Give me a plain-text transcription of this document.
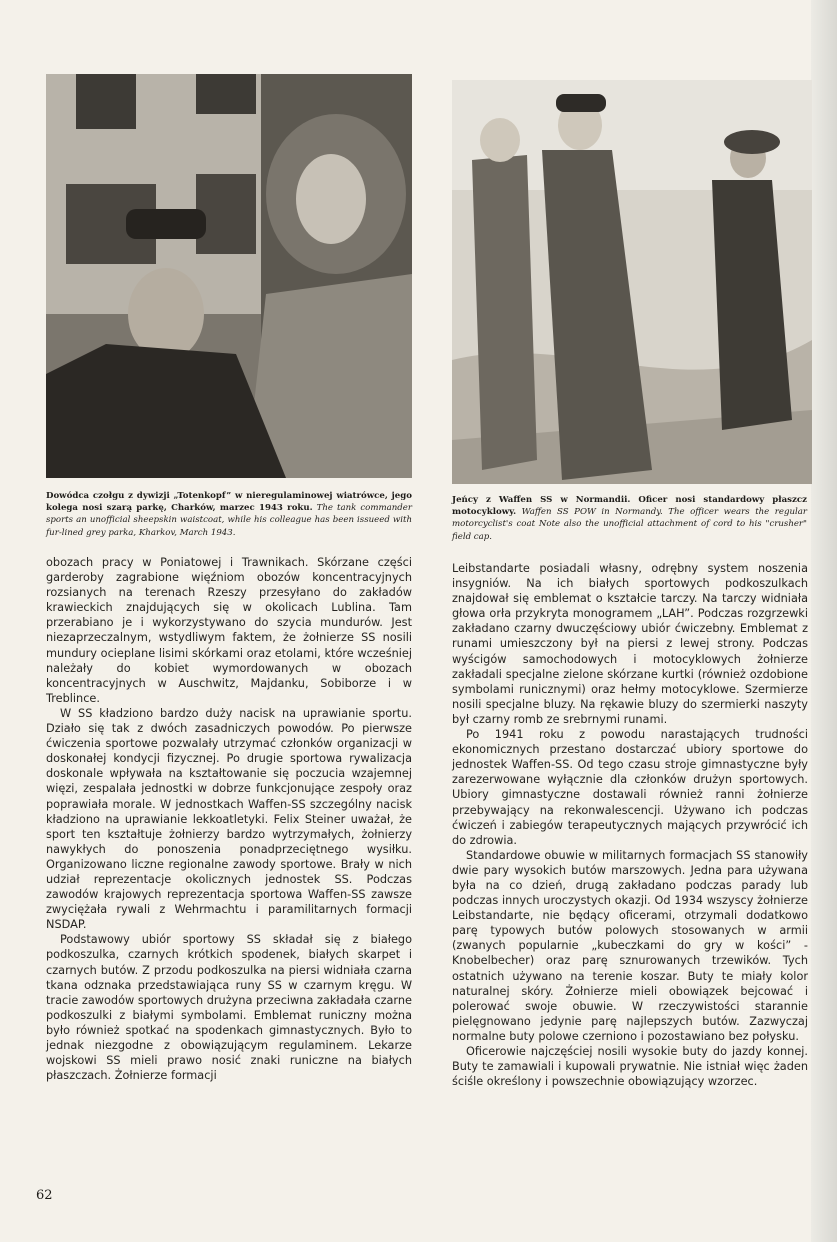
Dowódca czołgu z dywizji „Totenkopf” w nieregulaminowej wiatrówce, jego kolega nosi szarą parkę, Charków, marzec 1943 roku. The tank commander sports an unofficial sheepskin waistcoat, while his colleague has been issueed with fur-lined grey parka, Kharkov, March 1943.
Jeńcy z Waffen SS w Normandii. Oficer nosi standardowy płaszcz motocyklowy. Waffen SS POW in Normandy. The officer wears the regular motorcyclist's coat Note also the unofficial attachment of cord to his "crusher" field cap.

obozach pracy w Poniatowej i Trawnikach. Skórzane części garderoby zagrabione więźniom obozów koncentracyjnych rozsianych na terenach Rzeszy przesyłano do zakładów krawieckich znajdujących się w okolicach Lublina. Tam przerabiano je i wykorzystywano do szycia mundurów. Jest niezaprzeczalnym, wstydliwym faktem, że żołnierze SS nosili mundury ocieplane lisimi skórkami oraz etolami, które wcześniej należały do kobiet wymordowanych w obozach koncentracyjnych w Auschwitz, Majdanku, Sobiborze i w Treblince.

W SS kładziono bardzo duży nacisk na uprawianie sportu. Działo się tak z dwóch zasadniczych powodów. Po pierwsze ćwiczenia sportowe pozwalały utrzymać członków organizacji w doskonałej kondycji fizycznej. Po drugie sportowa rywalizacja doskonale wpływała na kształtowanie się poczucia wzajemnej więzi, zespalała jednostki w dobrze funkcjonujące zespoły oraz poprawiała morale. W jednostkach Waffen-SS szczególny nacisk kładziono na uprawianie lekkoatletyki. Felix Steiner uważał, że sport ten kształtuje żołnierzy bardzo wytrzymałych, żołnierzy nawykłych do ponoszenia ponadprzeciętnego wysiłku. Organizowano liczne regionalne zawody sportowe. Brały w nich udział reprezentacje okolicznych jednostek SS. Podczas zawodów krajowych reprezentacja sportowa Waffen-SS zawsze zwyciężała rywali z Wehrmachtu i paramilitarnych formacji NSDAP.

Podstawowy ubiór sportowy SS składał się z białego podkoszulka, czarnych krótkich spodenek, białych skarpet i czarnych butów. Z przodu podkoszulka na piersi widniała czarna tkana odznaka przedstawiająca runy SS w czarnym kręgu. W tracie zawodów sportowych drużyna przeciwna zakładała czarne podkoszulki z białymi symbolami. Emblemat runiczny można było również spotkać na spodenkach gimnastycznych. Było to jednak niezgodne z obowiązującym regulaminem. Lekarze wojskowi SS mieli prawo nosić znaki runiczne na białych płaszczach. Żołnierze formacji

Leibstandarte posiadali własny, odrębny system noszenia insygniów. Na ich białych sportowych podkoszulkach znajdował się emblemat o kształcie tarczy. Na tarczy widniała głowa orła przykryta monogramem „LAH”. Podczas rozgrzewki zakładano czarny dwuczęściowy ubiór ćwiczebny. Emblemat z runami umieszczony był na piersi z lewej strony. Podczas wyścigów samochodowych i motocyklowych żołnierze zakładali specjalne zielone skórzane kurtki (również ozdobione symbolami runicznymi) oraz hełmy motocyklowe. Szermierze nosili specjalne bluzy. Na rękawie bluzy do szermierki naszyty był czarny romb ze srebrnymi runami.

Po 1941 roku z powodu narastających trudności ekonomicznych przestano dostarczać ubiory sportowe do jednostek Waffen-SS. Od tego czasu stroje gimnastyczne były zarezerwowane wyłącznie dla członków drużyn sportowych. Ubiory gimnastyczne dostawali również ranni żołnierze przebywający na rekonwalescencji. Używano ich podczas ćwiczeń i zabiegów terapeutycznych mających przywrócić ich do zdrowia.

Standardowe obuwie w militarnych formacjach SS stanowiły dwie pary wysokich butów marszowych. Jedna para używana była na co dzień, drugą zakładano podczas parady lub podczas innych uroczystych okazji. Od 1934 wszyscy żołnierze Leibstandarte, nie będący oficerami, otrzymali dodatkowo parę typowych butów polowych stosowanych w armii (zwanych popularnie „kubeczkami do gry w kości” - Knobelbecher) oraz parę sznurowanych trzewików. Tych ostatnich używano na terenie koszar. Buty te miały kolor naturalnej skóry. Żołnierze mieli obowiązek bejcować i polerować swoje obuwie. W rzeczywistości starannie pielęgnowano jedynie parę najlepszych butów. Zazwyczaj normalne buty polowe czerniono i pozostawiano bez połysku.

Oficerowie najczęściej nosili wysokie buty do jazdy konnej. Buty te zamawiali i kupowali prywatnie. Nie istniał więc żaden ściśle określony i powszechnie obowiązujący wzorzec.

62
